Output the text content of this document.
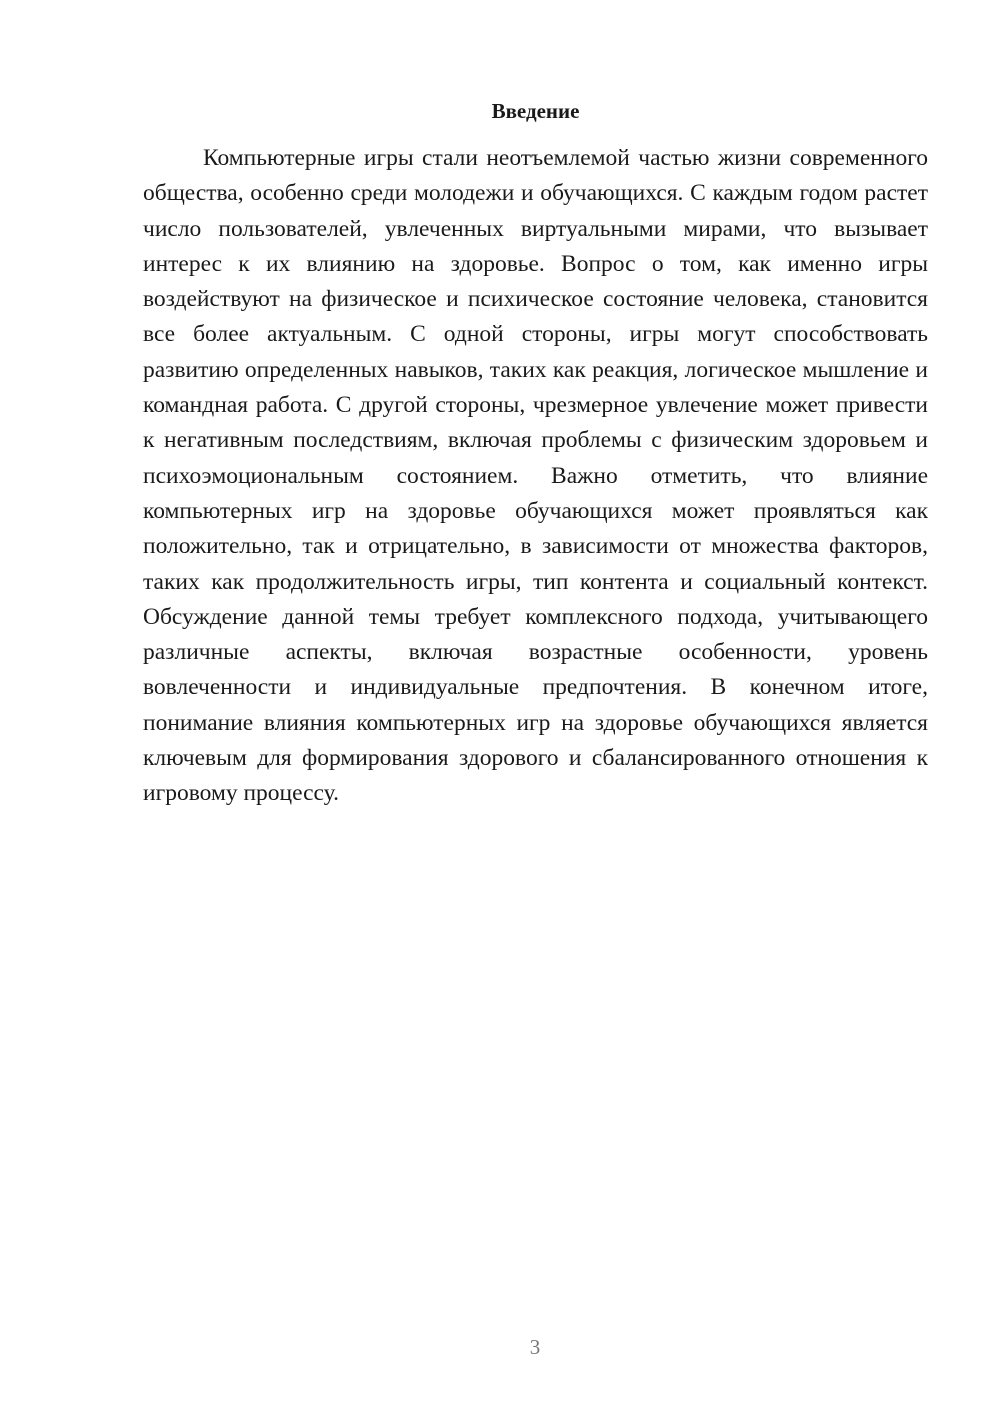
Введение

Компьютерные игры стали неотъемлемой частью жизни современного общества, особенно среди молодежи и обучающихся. С каждым годом растет число пользователей, увлеченных виртуальными мирами, что вызывает интерес к их влиянию на здоровье. Вопрос о том, как именно игры воздействуют на физическое и психическое состояние человека, становится все более актуальным. С одной стороны, игры могут способствовать развитию определенных навыков, таких как реакция, логическое мышление и командная работа. С другой стороны, чрезмерное увлечение может привести к негативным последствиям, включая проблемы с физическим здоровьем и психоэмоциональным состоянием. Важно отметить, что влияние компьютерных игр на здоровье обучающихся может проявляться как положительно, так и отрицательно, в зависимости от множества факторов, таких как продолжительность игры, тип контента и социальный контекст. Обсуждение данной темы требует комплексного подхода, учитывающего различные аспекты, включая возрастные особенности, уровень вовлеченности и индивидуальные предпочтения. В конечном итоге, понимание влияния компьютерных игр на здоровье обучающихся является ключевым для формирования здорового и сбалансированного отношения к игровому процессу.

3
